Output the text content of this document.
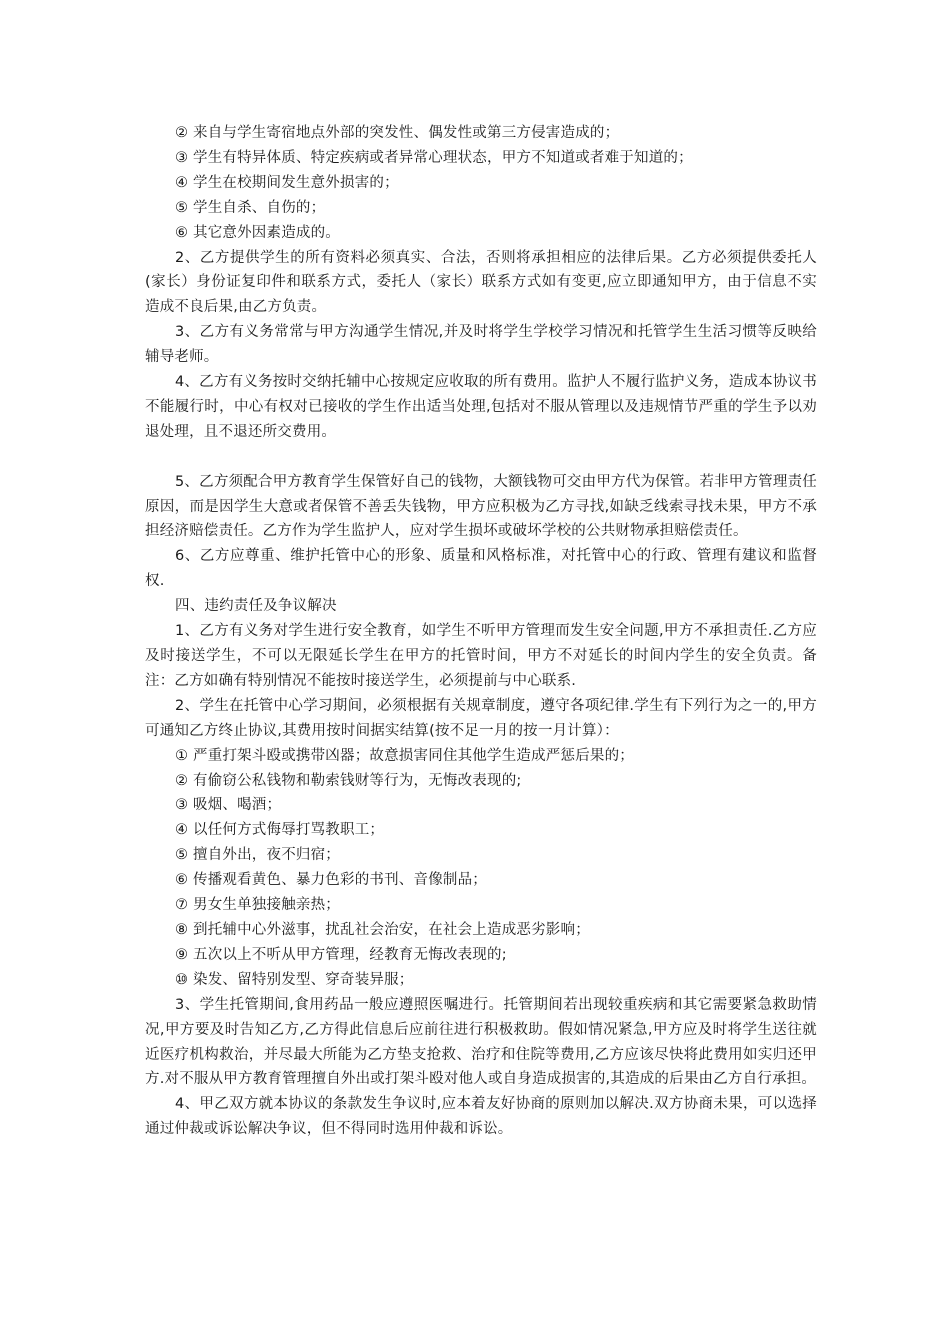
② 来自与学生寄宿地点外部的突发性、偶发性或第三方侵害造成的；

③ 学生有特异体质、特定疾病或者异常心理状态，甲方不知道或者难于知道的；

④ 学生在校期间发生意外损害的；

⑤ 学生自杀、自伤的；

⑥ 其它意外因素造成的。

2、乙方提供学生的所有资料必须真实、合法，否则将承担相应的法律后果。乙方必须提供委托人(家长）身份证复印件和联系方式，委托人（家长）联系方式如有变更,应立即通知甲方，由于信息不实造成不良后果,由乙方负责。

3、乙方有义务常常与甲方沟通学生情况,并及时将学生学校学习情况和托管学生生活习惯等反映给辅导老师。

4、乙方有义务按时交纳托辅中心按规定应收取的所有费用。监护人不履行监护义务，造成本协议书不能履行时，中心有权对已接收的学生作出适当处理,包括对不服从管理以及违规情节严重的学生予以劝退处理，且不退还所交费用。

5、乙方须配合甲方教育学生保管好自己的钱物，大额钱物可交由甲方代为保管。若非甲方管理责任原因，而是因学生大意或者保管不善丢失钱物，甲方应积极为乙方寻找,如缺乏线索寻找未果，甲方不承担经济赔偿责任。乙方作为学生监护人，应对学生损坏或破坏学校的公共财物承担赔偿责任。

6、乙方应尊重、维护托管中心的形象、质量和风格标准，对托管中心的行政、管理有建议和监督权.

四、违约责任及争议解决

1、乙方有义务对学生进行安全教育，如学生不听甲方管理而发生安全问题,甲方不承担责任.乙方应及时接送学生，不可以无限延长学生在甲方的托管时间，甲方不对延长的时间内学生的安全负责。备注：乙方如确有特别情况不能按时接送学生，必须提前与中心联系.

2、学生在托管中心学习期间，必须根据有关规章制度，遵守各项纪律.学生有下列行为之一的,甲方可通知乙方终止协议,其费用按时间据实结算(按不足一月的按一月计算）：

① 严重打架斗殴或携带凶器；故意损害同住其他学生造成严惩后果的；

② 有偷窃公私钱物和勒索钱财等行为，无悔改表现的;

③ 吸烟、喝酒；

④ 以任何方式侮辱打骂教职工；

⑤ 擅自外出，夜不归宿；

⑥ 传播观看黄色、暴力色彩的书刊、音像制品；

⑦ 男女生单独接触亲热；

⑧ 到托辅中心外滋事，扰乱社会治安，在社会上造成恶劣影响；

⑨ 五次以上不听从甲方管理，经教育无悔改表现的;

⑩ 染发、留特别发型、穿奇装异服；

3、学生托管期间,食用药品一般应遵照医嘱进行。托管期间若出现较重疾病和其它需要紧急救助情况,甲方要及时告知乙方,乙方得此信息后应前往进行积极救助。假如情况紧急,甲方应及时将学生送往就近医疗机构救治，并尽最大所能为乙方垫支抢救、治疗和住院等费用,乙方应该尽快将此费用如实归还甲方.对不服从甲方教育管理擅自外出或打架斗殴对他人或自身造成损害的,其造成的后果由乙方自行承担。

4、甲乙双方就本协议的条款发生争议时,应本着友好协商的原则加以解决.双方协商未果，可以选择通过仲裁或诉讼解决争议，但不得同时选用仲裁和诉讼。
